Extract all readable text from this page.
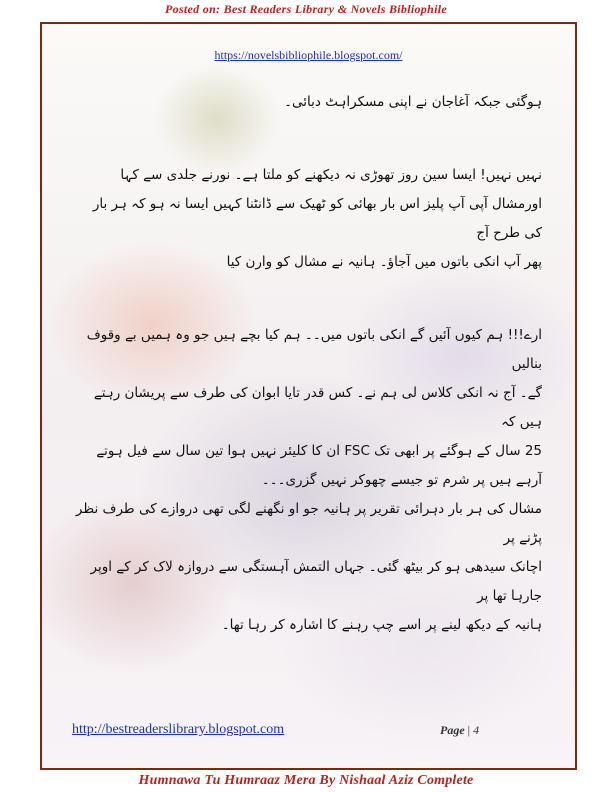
Posted on: Best Readers Library & Novels Bibliophile
https://novelsbibliophile.blogspot.com/

ہوگئی جبکہ آغاجان نے اپنی مسکراہٹ دبائی۔

نہیں نہیں! ایسا سین روز تھوڑی نہ دیکھنے کو ملتا ہے۔ نورنے جلدی سے کہا

اورمشال آپی آپ پلیز اس بار بھائی کو ٹھیک سے ڈانٹنا کہیں ایسا نہ ہو کہ ہر بار کی طرح آج

پھر آپ انکی باتوں میں آجاؤ۔ ہانیہ نے مشال کو وارن کیا

ارے!!! ہم کیوں آئیں گے انکی باتوں میں۔۔ ہم کیا بچے ہیں جو وہ ہمیں بے وقوف بنالیں

گے۔ آج نہ انکی کلاس لی ہم نے۔ کس قدر تایا ابوان کی طرف سے پریشان رہتے ہیں کہ

25 سال کے ہوگئے پر ابھی تک FSC ان کا کلیئر نہیں ہوا تین سال سے فیل ہوتے

آرہے ہیں پر شرم تو جیسے چھوکر نہیں گزری۔۔۔

مشال کی ہر بار دہرائی تقریر پر ہانیہ جو او نگھنے لگی تھی دروازے کی طرف نظر پڑنے پر

اچانک سیدھی ہو کر بیٹھ گئی۔ جہاں التمش آہستگی سے دروازہ لاک کر کے اوپر جارہا تھا پر

ہانیہ کے دیکھ لینے پر اسے چپ رہنے کا اشارہ کر رہا تھا۔

http://bestreaderslibrary.blogspot.com	Page | 4
Humnawa Tu Humraaz Mera By Nishaal Aziz Complete
